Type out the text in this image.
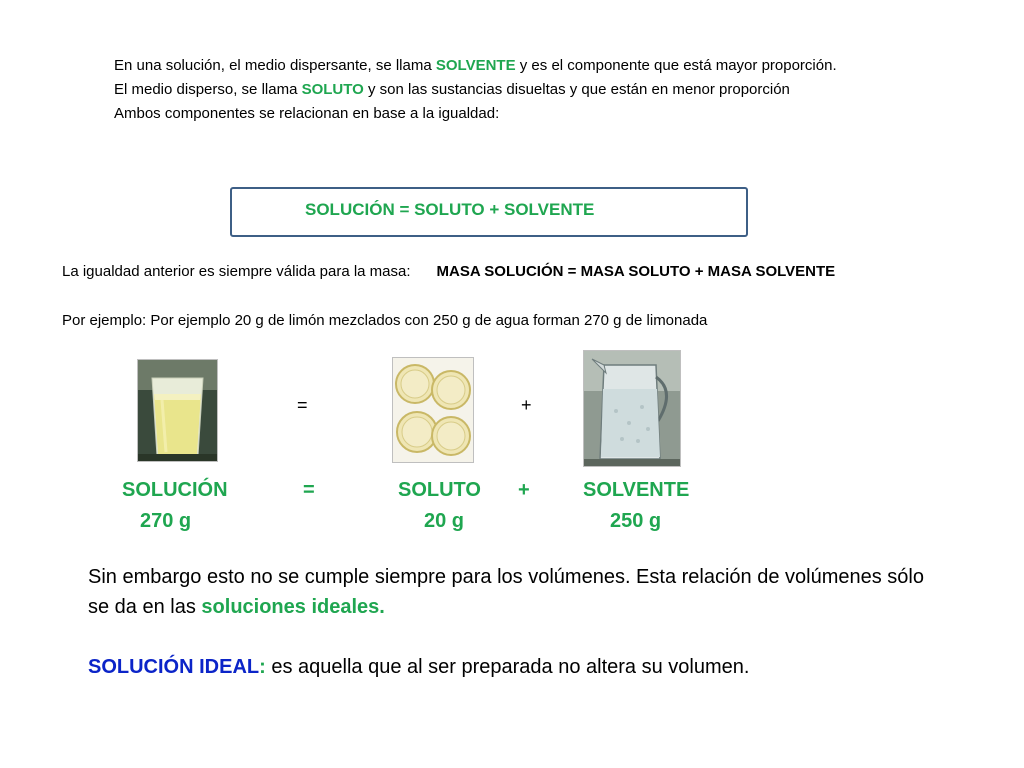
En una solución, el medio dispersante, se llama SOLVENTE y es el componente que está mayor proporción.

El medio disperso, se llama SOLUTO y son las sustancias disueltas y que están en menor proporción

Ambos componentes se relacionan en base a la igualdad:

SOLUCIÓN = SOLUTO + SOLVENTE
La igualdad anterior es siempre válida para la masa: MASA SOLUCIÓN = MASA SOLUTO + MASA SOLVENTE
Por ejemplo: Por ejemplo 20 g de limón mezclados con 250 g de agua forman 270 g de limonada
=	+
SOLUCIÓN	=	SOLUTO +	SOLVENTE
270 g	20 g	250 g

Sin embargo esto no se cumple siempre para los volúmenes. Esta relación de volúmenes sólo se da en las soluciones ideales.

SOLUCIÓN IDEAL: es aquella que al ser preparada no altera su volumen.
